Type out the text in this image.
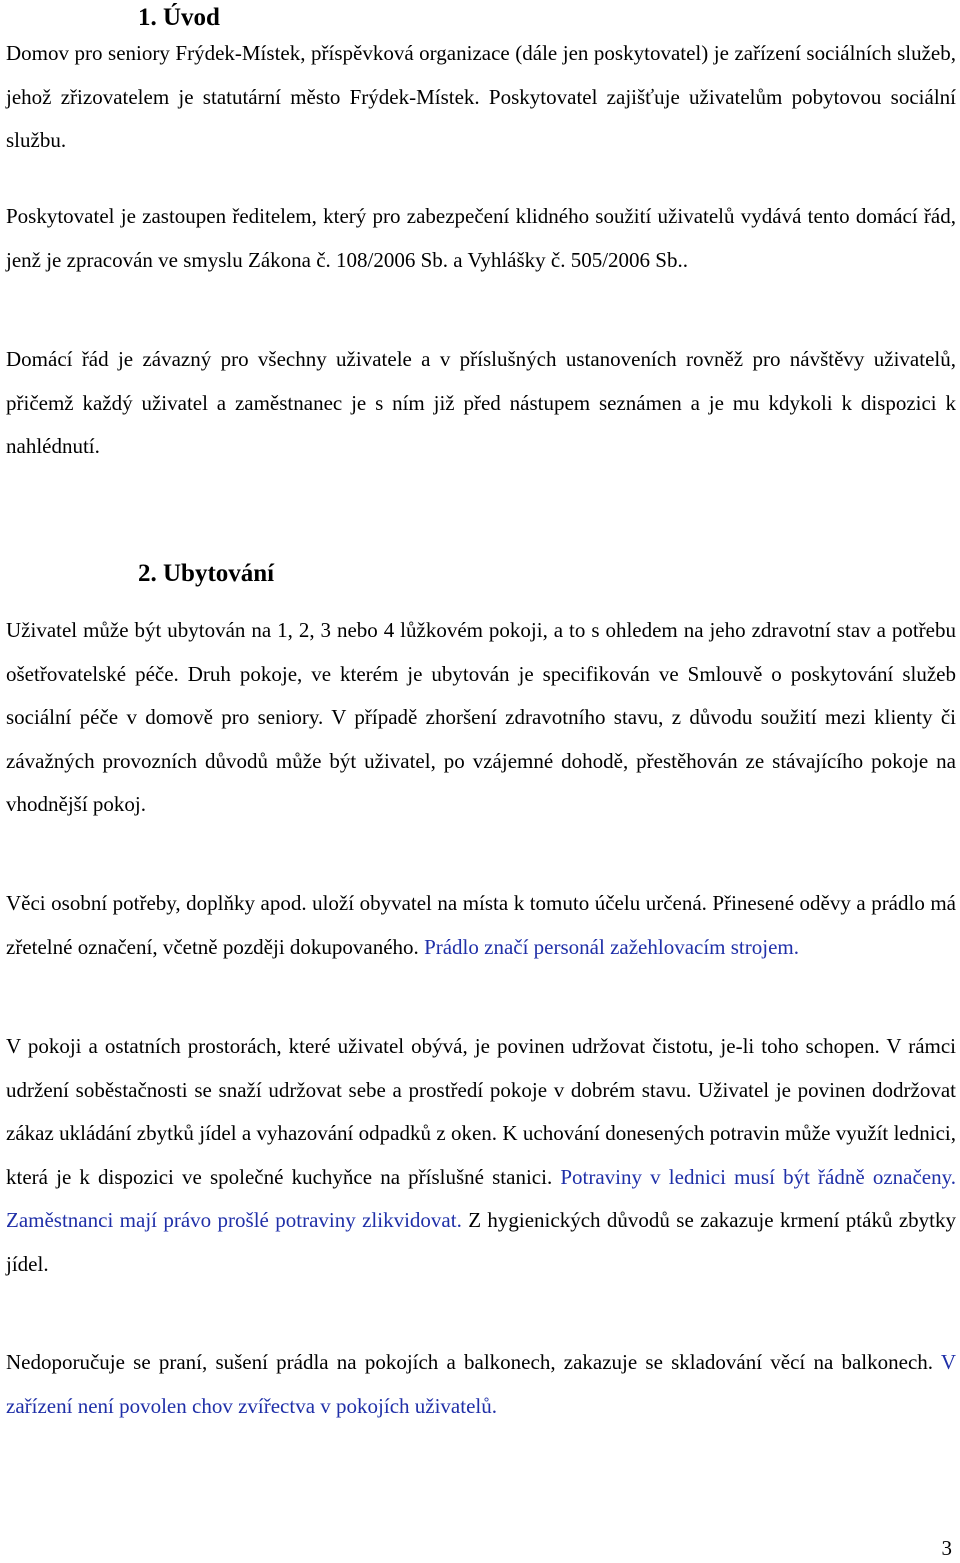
1. Úvod

Domov pro seniory Frýdek-Místek, příspěvková organizace (dále jen poskytovatel) je zařízení sociálních služeb, jehož zřizovatelem je statutární město Frýdek-Místek. Poskytovatel zajišťuje uživatelům pobytovou sociální službu.

Poskytovatel je zastoupen ředitelem, který pro zabezpečení klidného soužití uživatelů vydává tento domácí řád, jenž je zpracován ve smyslu Zákona č. 108/2006 Sb. a Vyhlášky č. 505/2006 Sb..

Domácí řád je závazný pro všechny uživatele a v příslušných ustanoveních rovněž pro návštěvy uživatelů, přičemž každý uživatel a zaměstnanec je s ním již před nástupem seznámen a je mu kdykoli k dispozici k nahlédnutí.

2. Ubytování

Uživatel může být ubytován na 1, 2, 3 nebo 4 lůžkovém pokoji, a to s ohledem na jeho zdravotní stav a potřebu ošetřovatelské péče. Druh pokoje, ve kterém je ubytován je specifikován ve Smlouvě o poskytování služeb sociální péče v domově pro seniory. V případě zhoršení zdravotního stavu, z důvodu soužití mezi klienty či závažných provozních důvodů může být uživatel, po vzájemné dohodě, přestěhován ze stávajícího pokoje na vhodnější pokoj.

Věci osobní potřeby, doplňky apod. uloží obyvatel na místa k tomuto účelu určená. Přinesené oděvy a prádlo má zřetelné označení, včetně později dokupovaného. Prádlo značí personál zažehlovacím strojem.

V pokoji a ostatních prostorách, které uživatel obývá, je povinen udržovat čistotu, je-li toho schopen. V rámci udržení soběstačnosti se snaží udržovat sebe a prostředí pokoje v dobrém stavu. Uživatel je povinen dodržovat zákaz ukládání zbytků jídel a vyhazování odpadků z oken. K uchování donesených potravin může využít lednici, která je k dispozici ve společné kuchyňce na příslušné stanici. Potraviny v lednici musí být řádně označeny. Zaměstnanci mají právo prošlé potraviny zlikvidovat. Z hygienických důvodů se zakazuje krmení ptáků zbytky jídel.

Nedoporučuje se praní, sušení prádla na pokojích a balkonech, zakazuje se skladování věcí na balkonech. V zařízení není povolen chov zvířectva v pokojích uživatelů.

3
